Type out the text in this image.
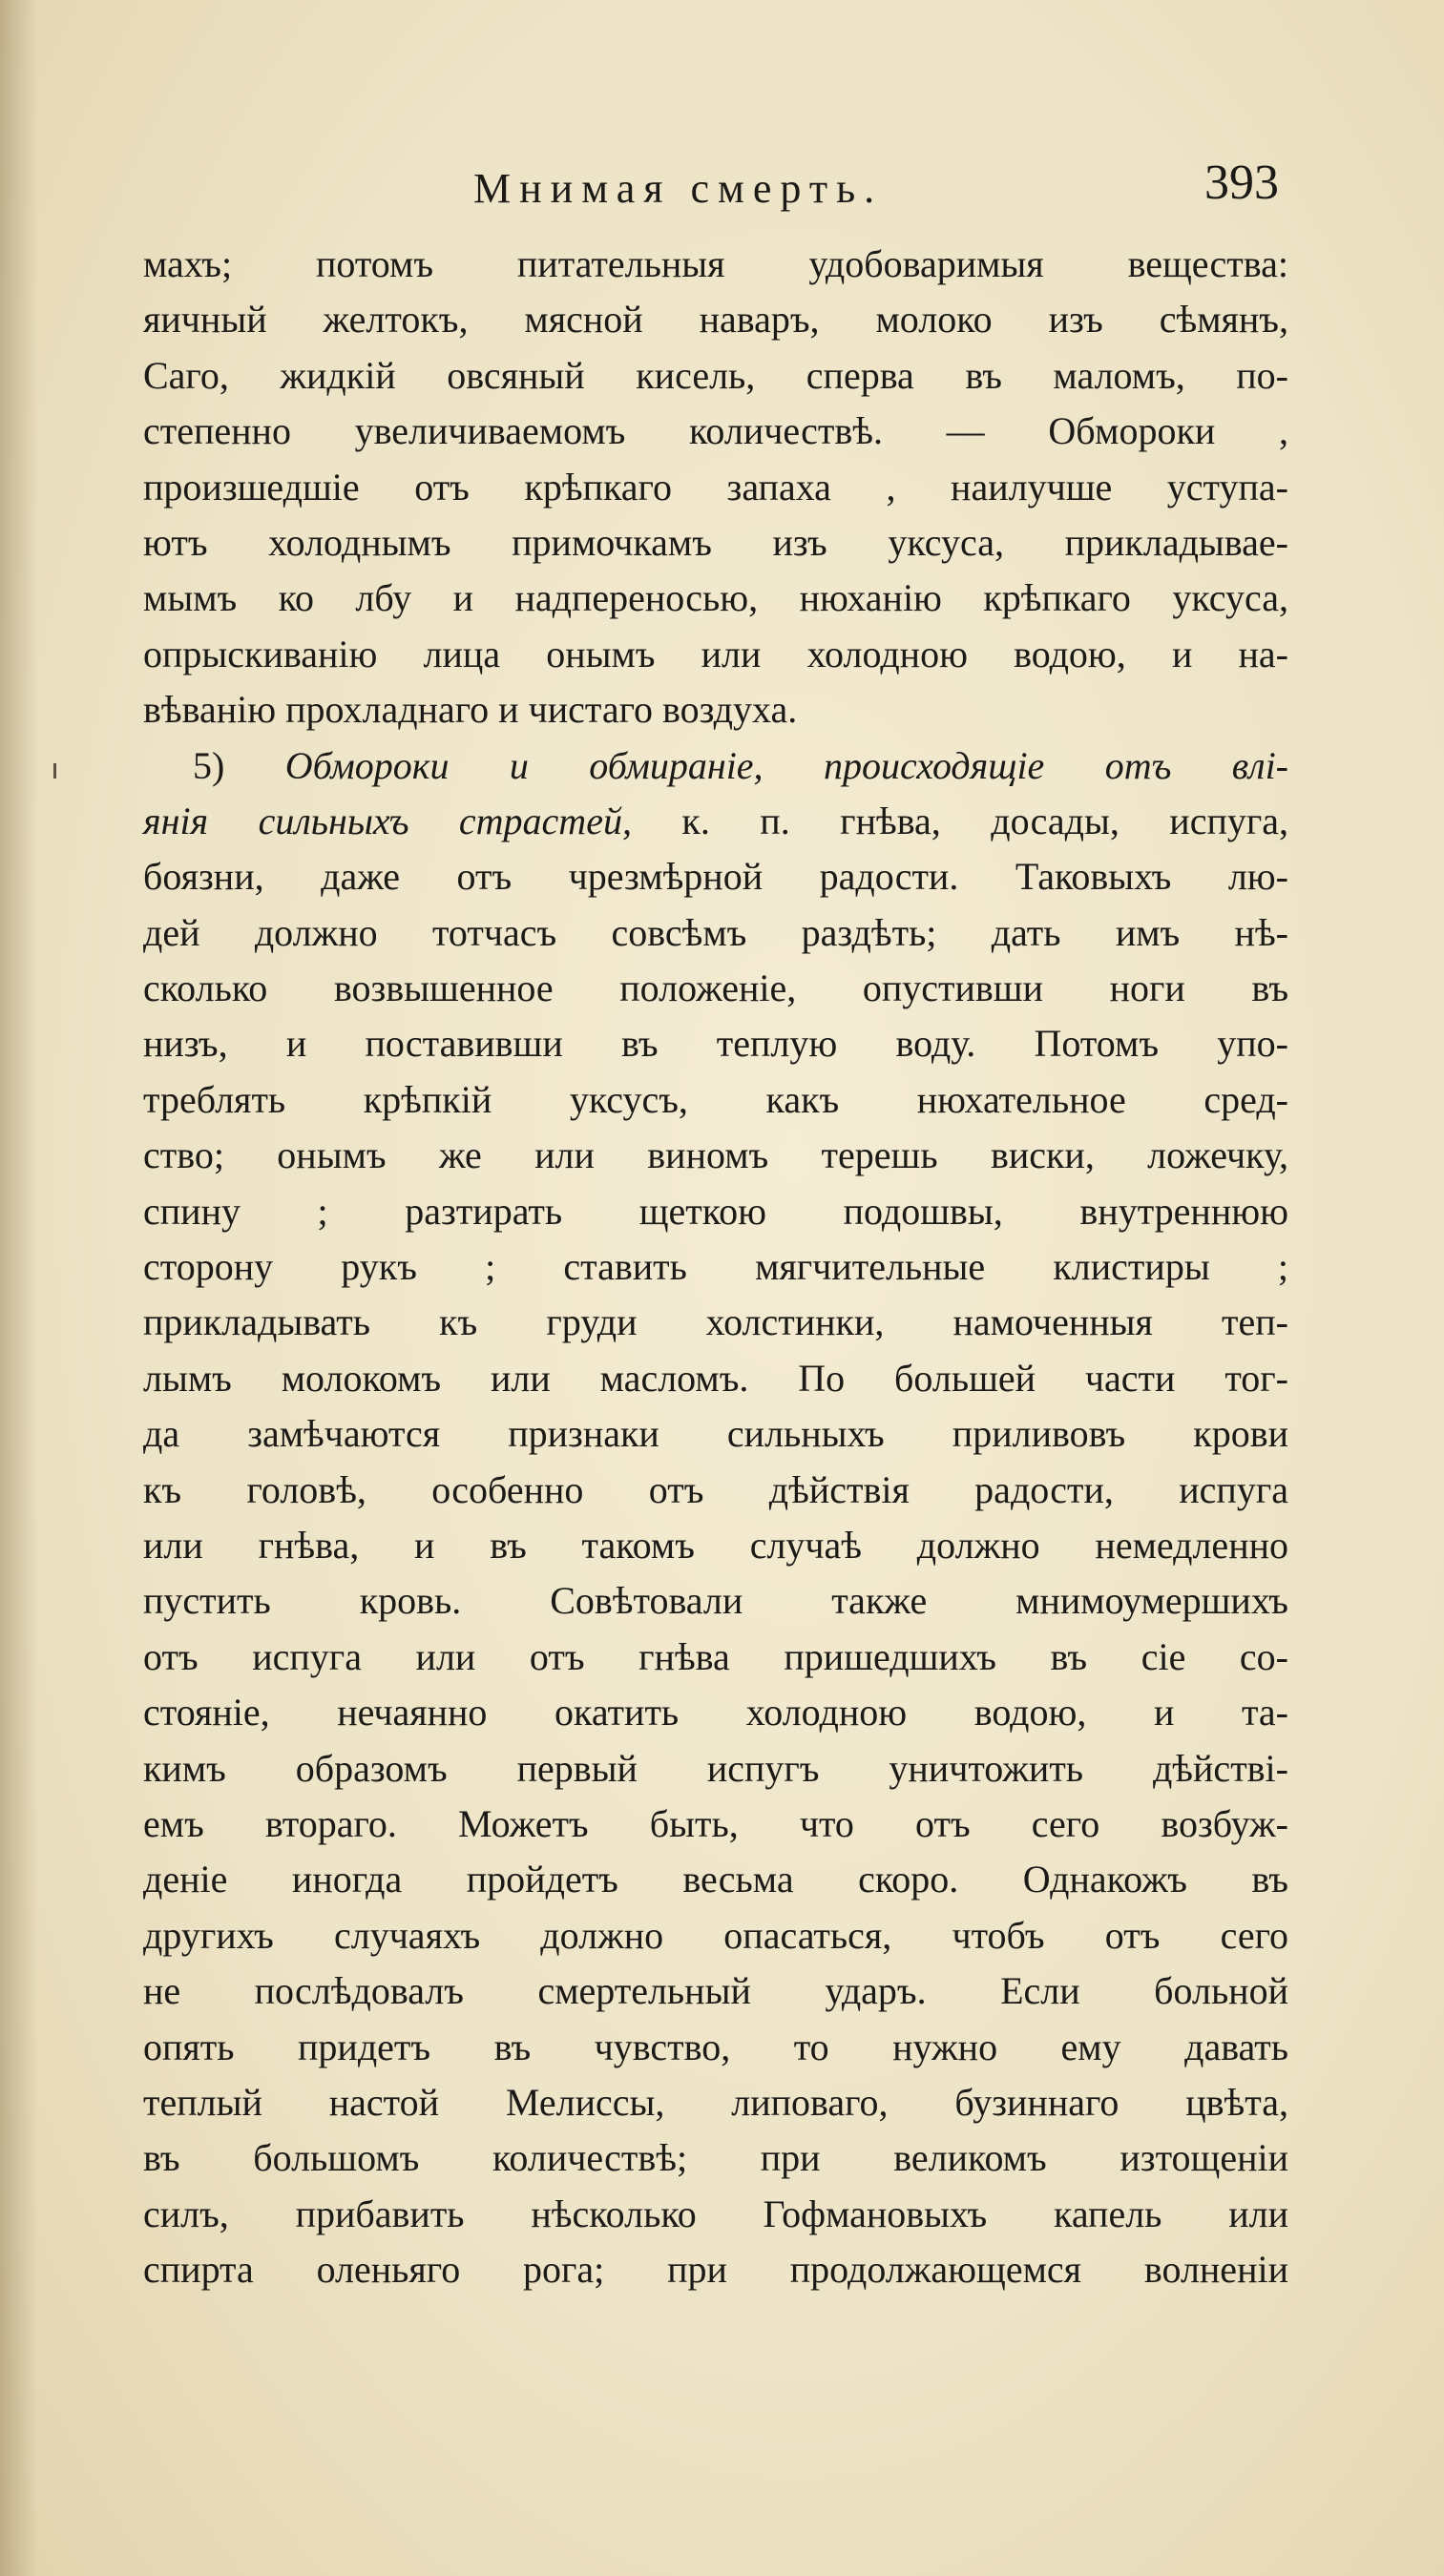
Мнимая смерть.	393
махъ; потомъ питательныя удобоваримыя вещества:
яичный желтокъ, мясной наваръ, молоко изъ сѣмянъ,
Саго, жидкій овсяный кисель, сперва въ маломъ, по-
степенно увеличиваемомъ количествѣ. — Обмороки ,
произшедшіе отъ крѣпкаго запаха , наилучше уступа-
ютъ холоднымъ примочкамъ изъ уксуса, прикладывае-
мымъ ко лбу и надпереносью, нюханію крѣпкаго уксуса,
опрыскиванію лица онымъ или холодною водою, и на-
вѣванію прохладнаго и чистаго воздуха.
5) Обмороки и обмираніе, происходящіе отъ влі-
янія сильныхъ страстей, к. п. гнѣва, досады, испуга,
боязни, даже отъ чрезмѣрной радости. Таковыхъ лю-
дей должно тотчасъ совсѣмъ раздѣть; дать имъ нѣ-
сколько возвышенное положеніе, опустивши ноги въ
низъ, и поставивши въ теплую воду. Потомъ упо-
треблять крѣпкій уксусъ, какъ нюхательное сред-
ство; онымъ же или виномъ терешь виски, ложечку,
спину ; разтирать щеткою подошвы, внутреннюю
сторону рукъ ; ставить мягчительные клистиры ;
прикладывать къ груди холстинки, намоченныя теп-
лымъ молокомъ или масломъ. По большей части тог-
да замѣчаются признаки сильныхъ приливовъ крови
къ головѣ, особенно отъ дѣйствія радости, испуга
или гнѣва, и въ такомъ случаѣ должно немедленно
пустить кровь. Совѣтовали также мнимоумершихъ
отъ испуга или отъ гнѣва пришедшихъ въ сіе со-
стояніе, нечаянно окатить холодною водою, и та-
кимъ образомъ первый испугъ уничтожить дѣйствi-
емъ втораго. Можетъ быть, что отъ сего возбуж-
деніе иногда пройдетъ весьма скоро. Однакожъ въ
другихъ случаяхъ должно опасаться, чтобъ отъ сего
не послѣдовалъ смертельный ударъ. Если больной
опять придетъ въ чувство, то нужно ему давать
теплый настой Мелиссы, липоваго, бузиннаго цвѣта,
въ большомъ количествѣ; при великомъ изтощеніи
силъ, прибавить нѣсколько Гофмановыхъ капель или
спирта оленьяго рога; при продолжающемся волненіи
